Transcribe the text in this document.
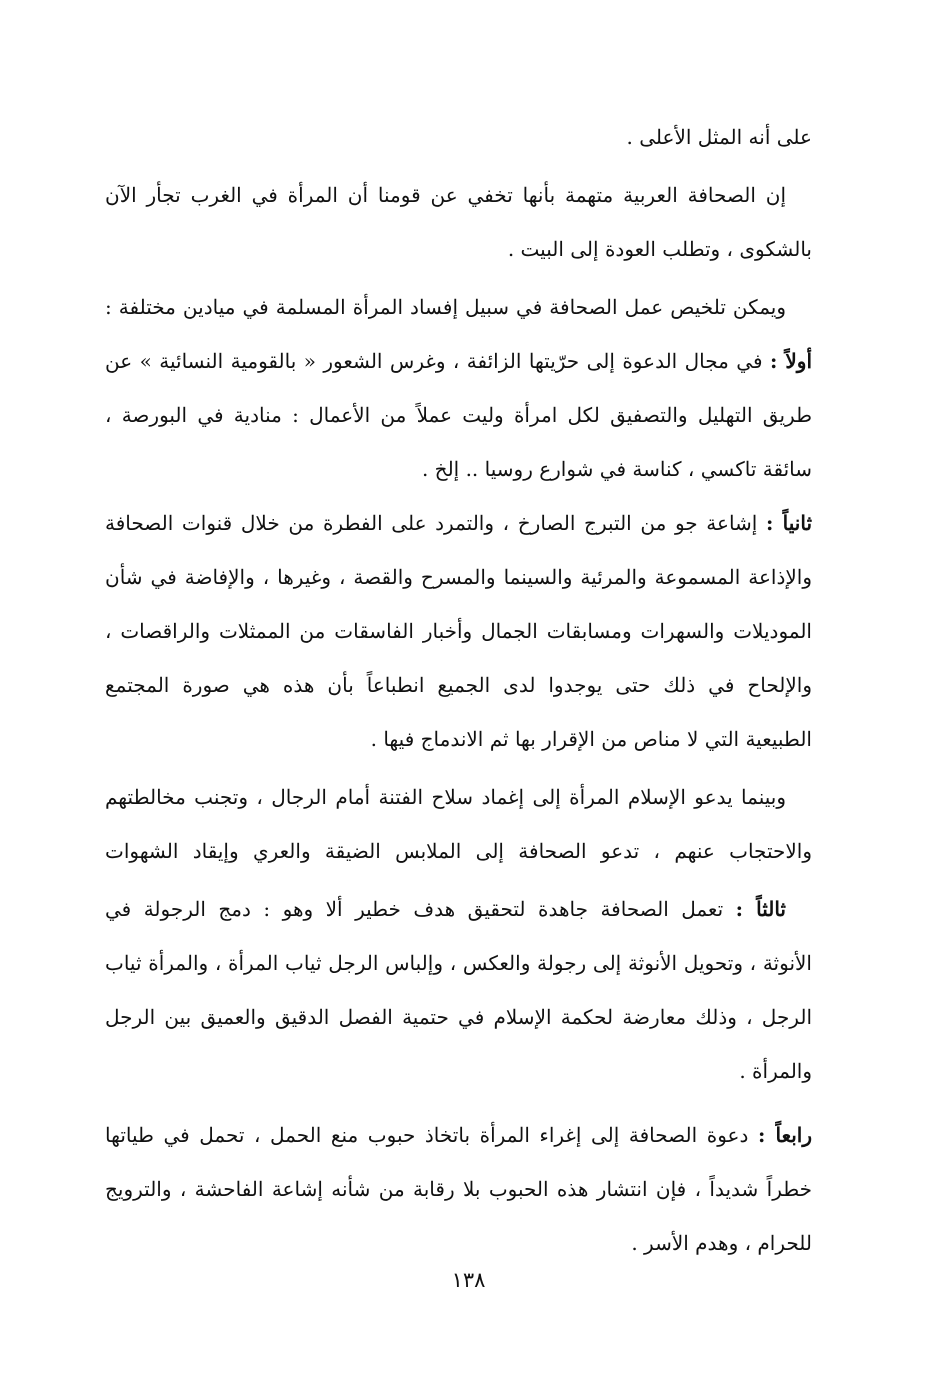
على أنه المثل الأعلى .
إن الصحافة العربية متهمة بأنها تخفي عن قومنا أن المرأة في الغرب تجأر الآن
بالشكوى ، وتطلب العودة إلى البيت .
ويمكن تلخيص عمل الصحافة في سبيل إفساد المرأة المسلمة في ميادين مختلفة :
أولاً : في مجال الدعوة إلى حرّيتها الزائفة ، وغرس الشعور « بالقومية النسائية » عن
طريق التهليل والتصفيق لكل امرأة وليت عملاً من الأعمال : منادية في البورصة ،
سائقة تاكسي ، كناسة في شوارع روسيا .. إلخ .
ثانياً : إشاعة جو من التبرج الصارخ ، والتمرد على الفطرة من خلال قنوات الصحافة
والإذاعة المسموعة والمرئية والسينما والمسرح والقصة ، وغيرها ، والإفاضة في شأن
الموديلات والسهرات ومسابقات الجمال وأخبار الفاسقات من الممثلات والراقصات ،
والإلحاح في ذلك حتى يوجدوا لدى الجميع انطباعاً بأن هذه هي صورة المجتمع
الطبيعية التي لا مناص من الإقرار بها ثم الاندماج فيها .
وبينما يدعو الإسلام المرأة إلى إغماد سلاح الفتنة أمام الرجال ، وتجنب مخالطتهم
والاحتجاب عنهم ، تدعو الصحافة إلى الملابس الضيقة والعري وإيقاد الشهوات
ثالثاً : تعمل الصحافة جاهدة لتحقيق هدف خطير ألا وهو : دمج الرجولة في
الأنوثة ، وتحويل الأنوثة إلى رجولة والعكس ، وإلباس الرجل ثياب المرأة ، والمرأة ثياب
الرجل ، وذلك معارضة لحكمة الإسلام في حتمية الفصل الدقيق والعميق بين الرجل
والمرأة .
رابعاً : دعوة الصحافة إلى إغراء المرأة باتخاذ حبوب منع الحمل ، تحمل في طياتها
خطراً شديداً ، فإن انتشار هذه الحبوب بلا رقابة من شأنه إشاعة الفاحشة ، والترويج
للحرام ، وهدم الأسر .
١٣٨
